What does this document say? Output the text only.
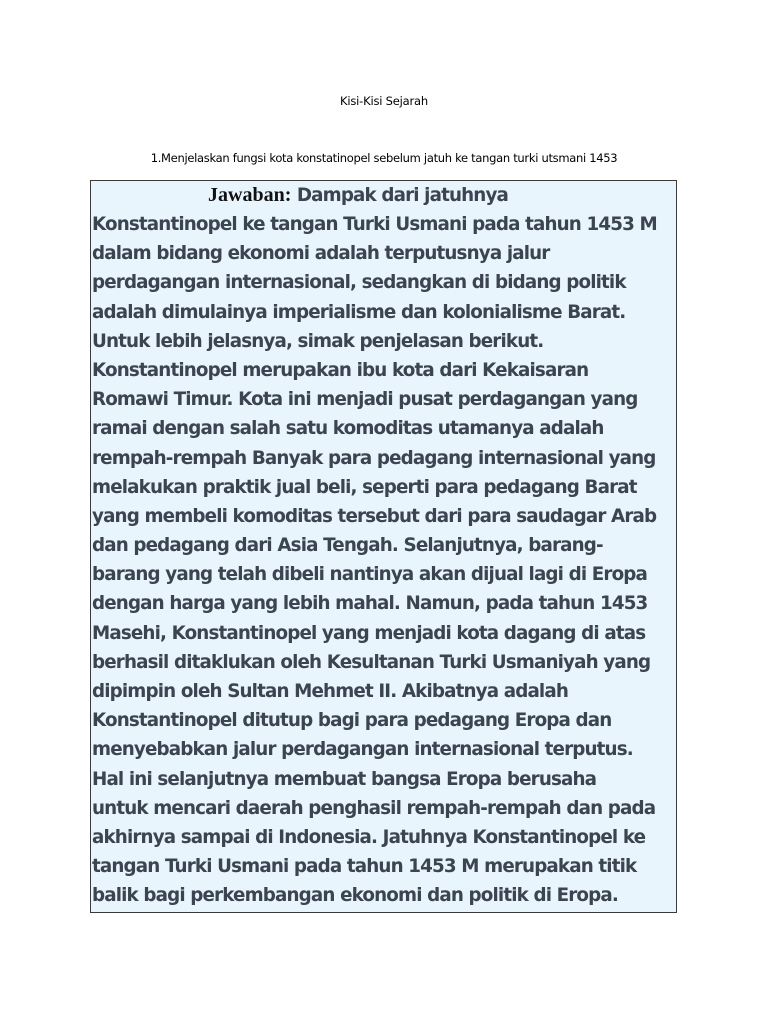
Kisi-Kisi Sejarah
1.Menjelaskan fungsi kota konstatinopel sebelum jatuh ke tangan turki utsmani 1453
Jawaban: Dampak dari jatuhnya
Konstantinopel ke tangan Turki Usmani pada tahun 1453 M
dalam bidang ekonomi adalah terputusnya jalur
perdagangan internasional, sedangkan di bidang politik
adalah dimulainya imperialisme dan kolonialisme Barat.
Untuk lebih jelasnya, simak penjelasan berikut.
Konstantinopel merupakan ibu kota dari Kekaisaran
Romawi Timur. Kota ini menjadi pusat perdagangan yang
ramai dengan salah satu komoditas utamanya adalah
rempah-rempah Banyak para pedagang internasional yang
melakukan praktik jual beli, seperti para pedagang Barat
yang membeli komoditas tersebut dari para saudagar Arab
dan pedagang dari Asia Tengah. Selanjutnya, barang-
barang yang telah dibeli nantinya akan dijual lagi di Eropa
dengan harga yang lebih mahal. Namun, pada tahun 1453
Masehi, Konstantinopel yang menjadi kota dagang di atas
berhasil ditaklukan oleh Kesultanan Turki Usmaniyah yang
dipimpin oleh Sultan Mehmet II. Akibatnya adalah
Konstantinopel ditutup bagi para pedagang Eropa dan
menyebabkan jalur perdagangan internasional terputus.
Hal ini selanjutnya membuat bangsa Eropa berusaha
untuk mencari daerah penghasil rempah-rempah dan pada
akhirnya sampai di Indonesia. Jatuhnya Konstantinopel ke
tangan Turki Usmani pada tahun 1453 M merupakan titik
balik bagi perkembangan ekonomi dan politik di Eropa.
